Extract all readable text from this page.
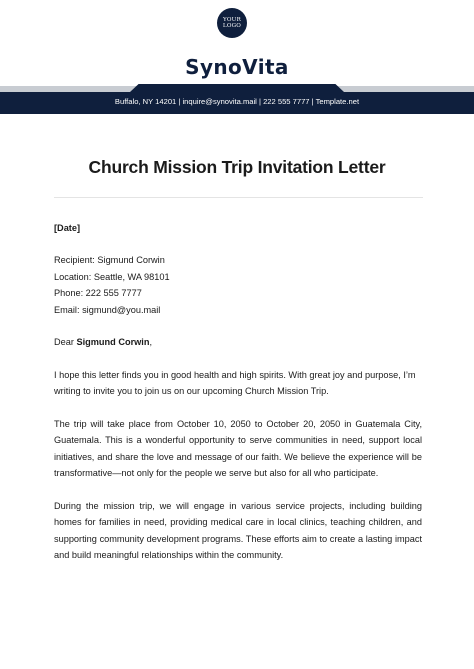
YOUR
LOGO
SynoVita
Buffalo, NY 14201 | inquire@synovita.mail | 222 555 7777 | Template.net
Church Mission Trip Invitation Letter

[Date]

Recipient: Sigmund Corwin

Location: Seattle, WA 98101

Phone: 222 555 7777

Email: sigmund@you.mail

Dear Sigmund Corwin,

I hope this letter finds you in good health and high spirits. With great joy and purpose, I’m writing to invite you to join us on our upcoming Church Mission Trip.

The trip will take place from October 10, 2050 to October 20, 2050 in Guatemala City, Guatemala. This is a wonderful opportunity to serve communities in need, support local initiatives, and share the love and message of our faith. We believe the experience will be transformative—not only for the people we serve but also for all who participate.

During the mission trip, we will engage in various service projects, including building homes for families in need, providing medical care in local clinics, teaching children, and supporting community development programs. These efforts aim to create a lasting impact and build meaningful relationships within the community.
